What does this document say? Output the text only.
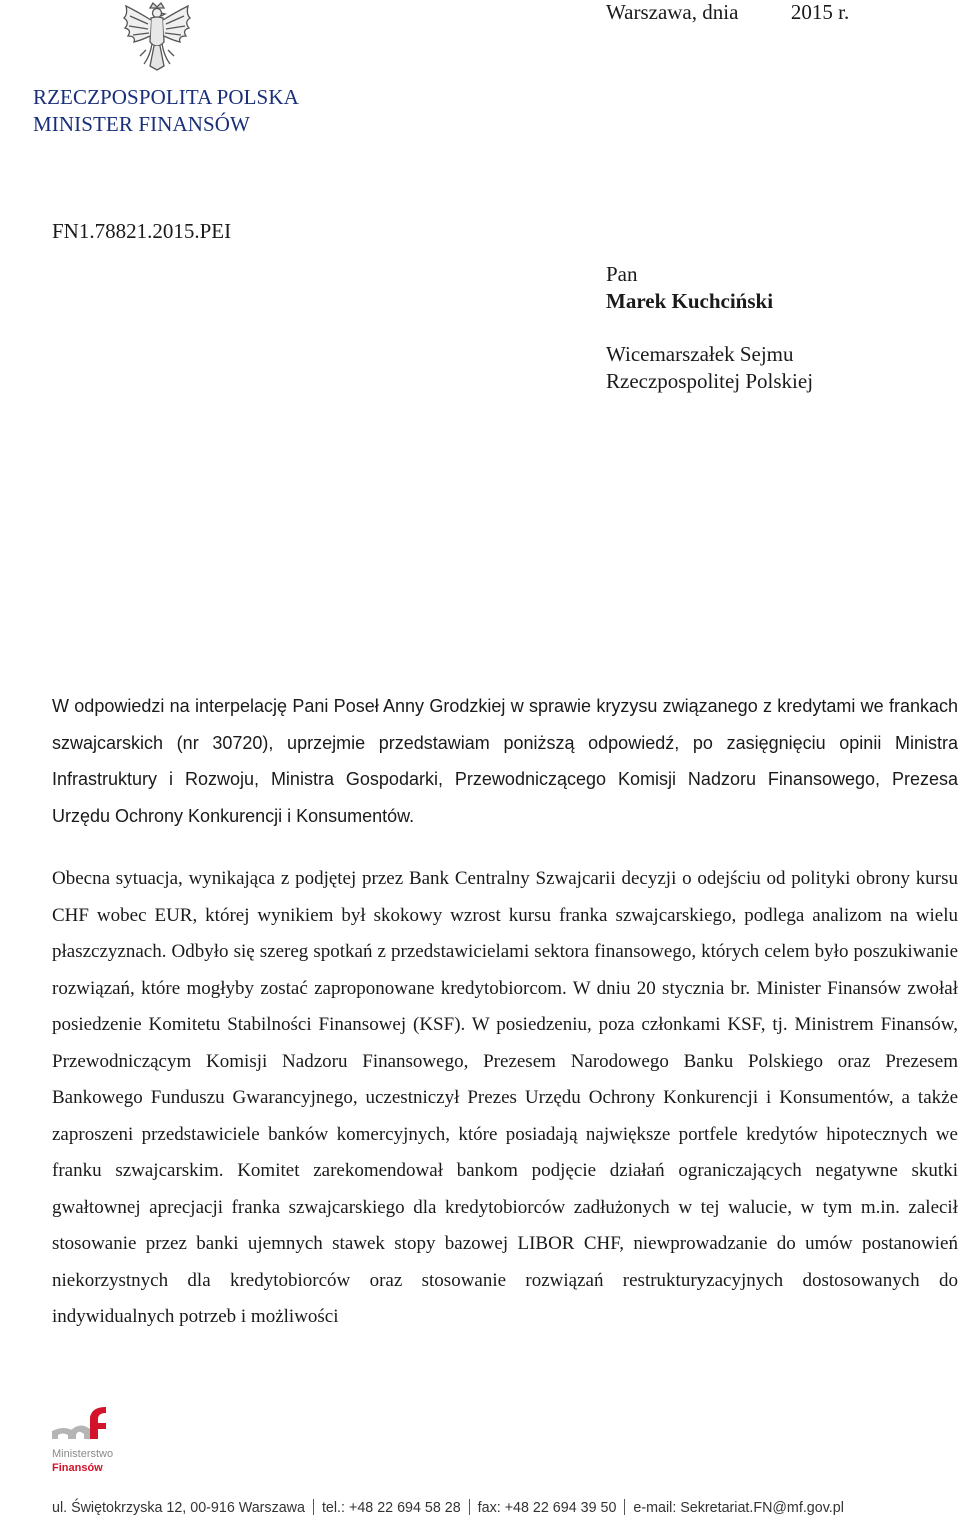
Warszawa, dnia	2015 r.
RZECZPOSPOLITA POLSKA
MINISTER FINANSÓW
FN1.78821.2015.PEI
Pan
Marek Kuchciński
Wicemarszałek Sejmu
Rzeczpospolitej Polskiej

W odpowiedzi na interpelację Pani Poseł Anny Grodzkiej w sprawie kryzysu związanego z kredytami we frankach szwajcarskich (nr 30720), uprzejmie przedstawiam poniższą odpowiedź, po zasięgnięciu opinii Ministra Infrastruktury i Rozwoju, Ministra Gospodarki, Przewodniczącego Komisji Nadzoru Finansowego, Prezesa Urzędu Ochrony Konkurencji i Konsumentów.

Obecna sytuacja, wynikająca z podjętej przez Bank Centralny Szwajcarii decyzji o odejściu od polityki obrony kursu CHF wobec EUR, której wynikiem był skokowy wzrost kursu franka szwajcarskiego, podlega analizom na wielu płaszczyznach. Odbyło się szereg spotkań z przedstawicielami sektora finansowego, których celem było poszukiwanie rozwiązań, które mogłyby zostać zaproponowane kredytobiorcom. W dniu 20 stycznia br. Minister Finansów zwołał posiedzenie Komitetu Stabilności Finansowej (KSF). W posiedzeniu, poza członkami KSF, tj. Ministrem Finansów, Przewodniczącym Komisji Nadzoru Finansowego, Prezesem Narodowego Banku Polskiego oraz Prezesem Bankowego Funduszu Gwarancyjnego, uczestniczył Prezes Urzędu Ochrony Konkurencji i Konsumentów, a także zaproszeni przedstawiciele banków komercyjnych, które posiadają największe portfele kredytów hipotecznych we franku szwajcarskim. Komitet zarekomendował bankom podjęcie działań ograniczających negatywne skutki gwałtownej aprecjacji franka szwajcarskiego dla kredytobiorców zadłużonych w tej walucie, w tym m.in. zalecił stosowanie przez banki ujemnych stawek stopy bazowej LIBOR CHF, niewprowadzanie do umów postanowień niekorzystnych dla kredytobiorców oraz stosowanie rozwiązań restrukturyzacyjnych dostosowanych do indywidualnych potrzeb i możliwości

Ministerstwo
Finansów
ul. Świętokrzyska 12, 00-916 Warszawa tel.: +48 22 694 58 28 fax: +48 22 694 39 50 e-mail: Sekretariat.FN@mf.gov.pl
